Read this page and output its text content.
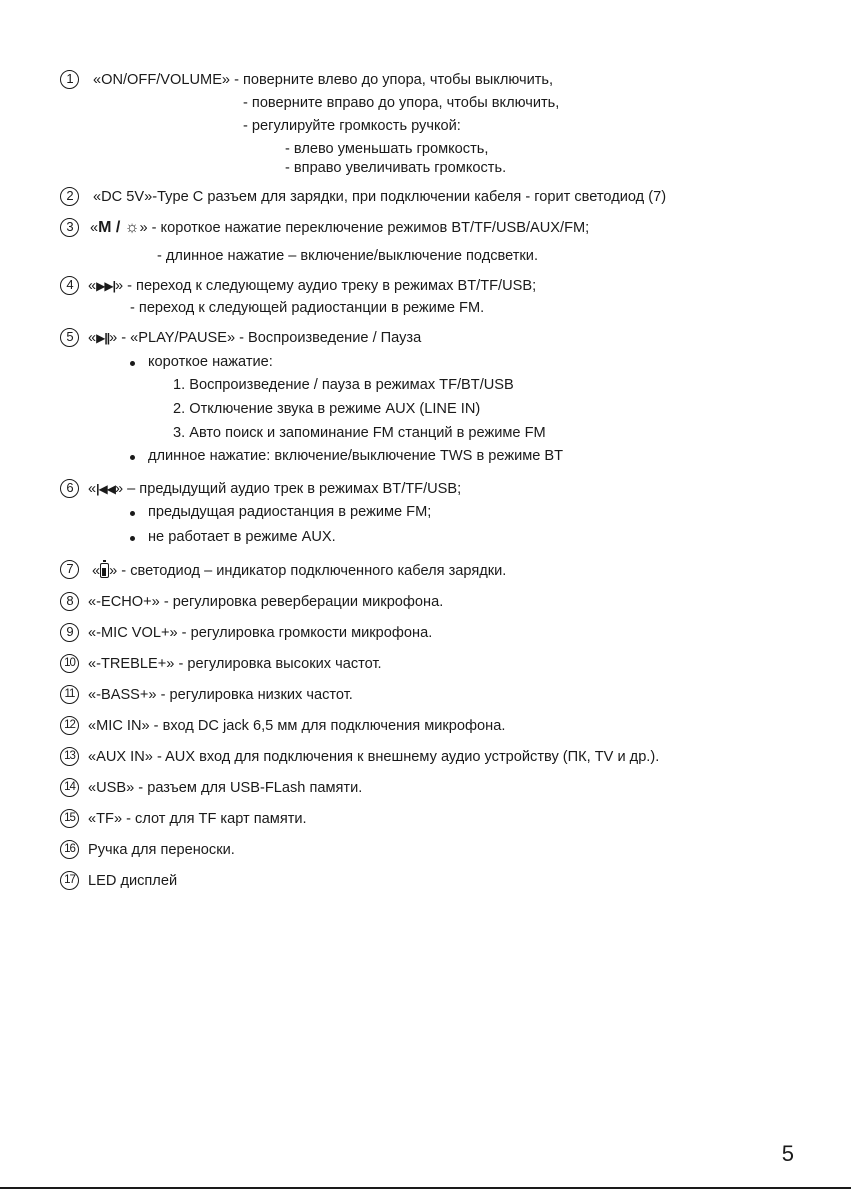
1	«ON/OFF/VOLUME» - поверните влево до упора, чтобы выключить,
- поверните вправо до упора, чтобы включить,
- регулируйте громкость ручкой:
- влево уменьшать громкость,
- вправо увеличивать громкость.
2	«DC 5V»-Type C разъем для зарядки, при подключении кабеля - горит светодиод (7)
3	«M / ☼» - короткое нажатие переключение режимов BT/TF/USB/AUX/FM;
- длинное нажатие – включение/выключение подсветки.
4	«▶▶|» - переход к следующему аудио треку в режимах BT/TF/USB;
- переход к следующей радиостанции в режиме FM.
5	«▶||» - «PLAY/PAUSE» - Воспроизведение / Пауза
короткое нажатие:
1. Воспроизведение / пауза в режимах TF/BT/USB
2. Отключение звука в режиме AUX (LINE IN)
3. Авто поиск и запоминание FM станций в режиме FM
длинное нажатие: включение/выключение TWS в режиме BT
6	«|◀◀» – предыдущий аудио трек в режимах BT/TF/USB;
предыдущая радиостанция в режиме FM;
не работает в режиме AUX.
7	« » - светодиод – индикатор подключенного кабеля зарядки.
8	«-ECHO+» - регулировка реверберации микрофона.
9	«-MIC VOL+» - регулировка громкости микрофона.
10 «-TREBLE+» - регулировка высоких частот.
11 «-BASS+» - регулировка низких частот.
12 «MIC IN» - вход DC jack 6,5 мм для подключения микрофона.
13 «AUX IN» - AUX вход для подключения к внешнему аудио устройству (ПК, TV и др.).
14 «USB» - разъем для USB-FLash памяти.
15 «TF» - слот для TF карт памяти.
16 Ручка для переноски.
17 LED дисплей
5
